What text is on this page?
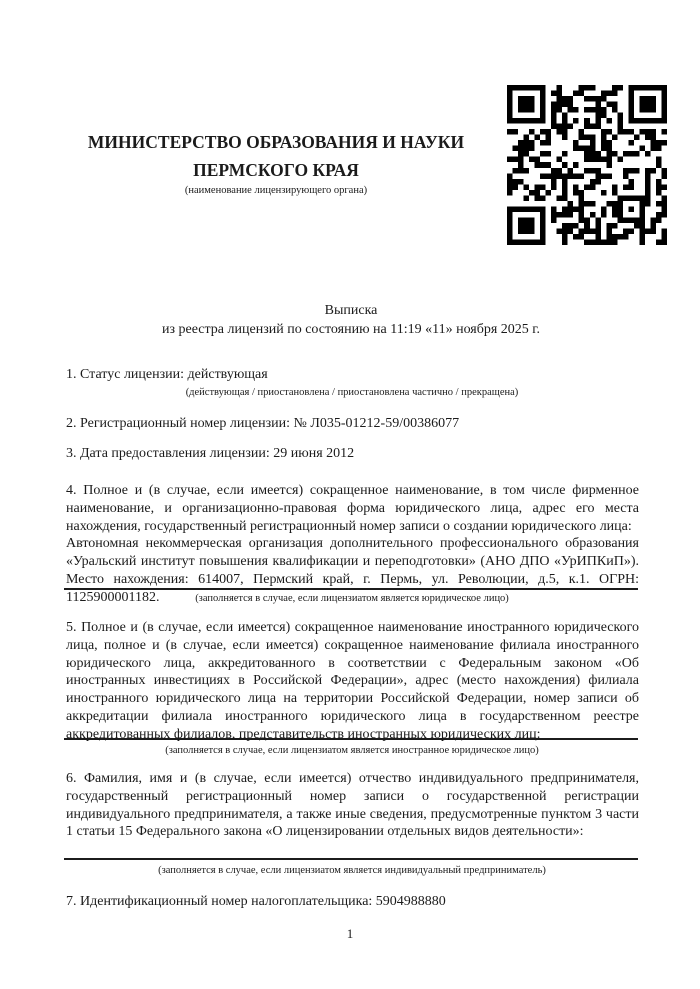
МИНИСТЕРСТВО ОБРАЗОВАНИЯ И НАУКИ
ПЕРМСКОГО КРАЯ
(наименование лицензирующего органа)
Выписка
из реестра лицензий по состоянию на 11:19 «11» ноября 2025 г.
1. Статус лицензии: действующая
(действующая / приостановлена / приостановлена частично / прекращена)
2. Регистрационный номер лицензии: № Л035-01212-59/00386077
3. Дата предоставления лицензии: 29 июня 2012
4. Полное и (в случае, если имеется) сокращенное наименование, в том числе фирменное наименование, и организационно-правовая форма юридического лица, адрес его места нахождения, государственный регистрационный номер записи о создании юридического лица:
Автономная некоммерческая организация дополнительного профессионального образования «Уральский институт повышения квалификации и переподготовки» (АНО ДПО «УрИПКиП»). Место нахождения: 614007, Пермский край, г. Пермь, ул. Революции, д.5, к.1. ОГРН: 1125900001182.	(заполняется в случае, если лицензиатом является юридическое лицо)
5. Полное и (в случае, если имеется) сокращенное наименование иностранного юридического лица, полное и (в случае, если имеется) сокращенное наименование филиала иностранного юридического лица, аккредитованного в соответствии с Федеральным законом «Об иностранных инвестициях в Российской Федерации», адрес (место нахождения) филиала иностранного юридического лица на территории Российской Федерации, номер записи об аккредитации филиала иностранного юридического лица в государственном реестре аккредитованных филиалов, представительств иностранных юридических лиц:
(заполняется в случае, если лицензиатом является иностранное юридическое лицо)
6. Фамилия, имя и (в случае, если имеется) отчество индивидуального предпринимателя, государственный регистрационный номер записи о государственной регистрации индивидуального предпринимателя, а также иные сведения, предусмотренные пунктом 3 части 1 статьи 15 Федерального закона «О лицензировании отдельных видов деятельности»:
(заполняется в случае, если лицензиатом является индивидуальный предприниматель)
7. Идентификационный номер налогоплательщика: 5904988880
1
